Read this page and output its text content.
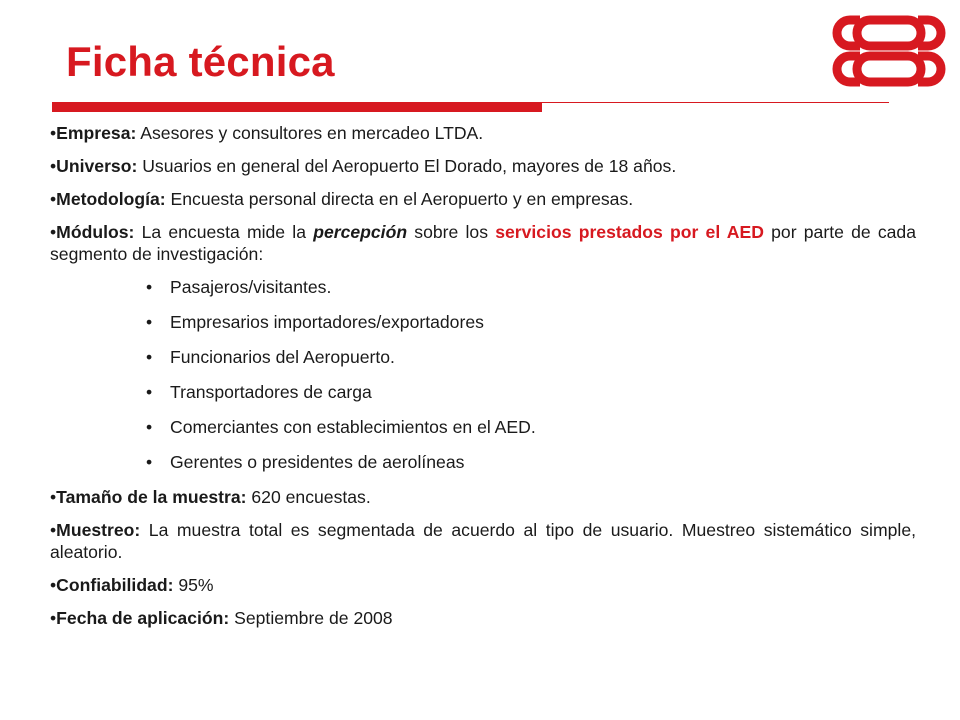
Ficha técnica

•Empresa: Asesores y consultores en mercadeo LTDA.

•Universo: Usuarios en general del Aeropuerto El Dorado, mayores de 18 años.

•Metodología: Encuesta personal directa en el Aeropuerto y en empresas.

•Módulos: La encuesta mide la percepción sobre los servicios prestados por el AED por parte de cada segmento de investigación:

• Pasajeros/visitantes.
• Empresarios importadores/exportadores
• Funcionarios del Aeropuerto.
• Transportadores de carga
• Comerciantes con establecimientos en el AED.
• Gerentes o presidentes de aerolíneas

•Tamaño de la muestra: 620 encuestas.

•Muestreo: La muestra total es segmentada de acuerdo al tipo de usuario. Muestreo sistemático simple, aleatorio.

•Confiabilidad: 95%

•Fecha de aplicación: Septiembre de 2008
